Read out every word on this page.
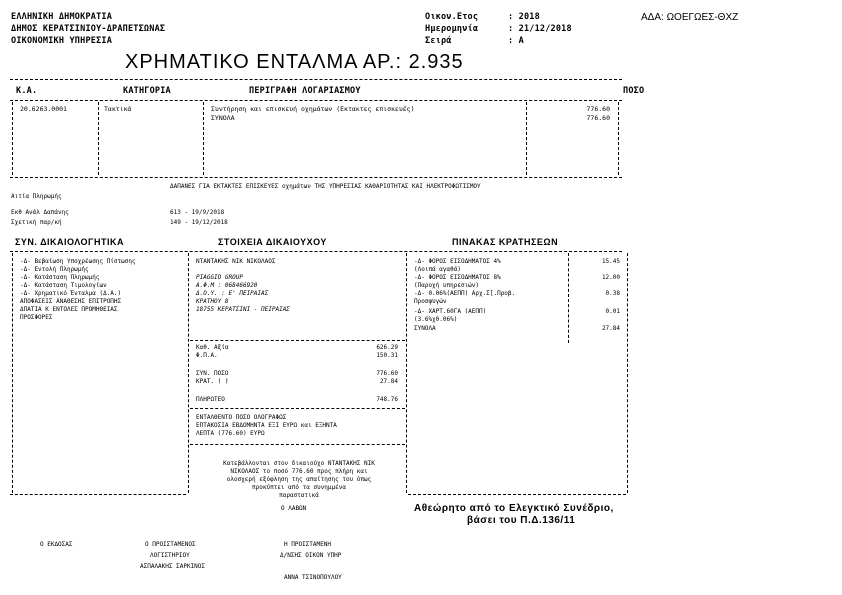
ΕΛΛΗΝΙΚΗ ΔΗΜΟΚΡΑΤΙΑ
ΔΗΜΟΣ ΚΕΡΑΤΣΙΝΙΟΥ-ΔΡΑΠΕΤΣΩΝΑΣ
ΟΙΚΟΝΟΜΙΚΗ ΥΠΗΡΕΣΙΑ
Οικον.Ετος	: 2018
Ημερομηνία	: 21/12/2018
Σειρά	: A
ΑΔΑ: ΩΟΕΓΩΕΣ-ΘΧΖ
ΧΡΗΜΑΤΙΚΟ ΕΝΤΑΛΜΑ ΑΡ.: 2.935
Κ.Α.	ΚΑΤΗΓΟΡΙΑ	ΠΕΡΙΓΡΑΦΗ ΛΟΓΑΡΙΑΣΜΟΥ	ΠΟΣΟ
20.6263.0001	Τακτικά	Συντήρηση και επισκευή οχημάτων (Εκτακτες επισκευές)	776.60
ΣΥΝΟΛΑ	776.60
ΔΑΠΑΝΕΣ ΓΙΑ ΕΚΤΑΚΤΕΣ ΕΠΙΣΚΕΥΕΣ οχημάτων ΤΗΣ ΥΠΗΡΕΣΙΑΣ ΚΑΘΑΡΙΟΤΗΤΑΣ ΚΑΙ ΗΛΕΚΤΡΟΦΩΤΙΣΜΟΥ
Αιτία Πληρωμής
Εκθ Ανάλ Δαπάνης	613 - 19/9/2018
Σχετική παρ/κή	149 - 19/12/2018
ΣΥΝ. ΔΙΚΑΙΟΛΟΓΗΤΙΚΑ	ΣΤΟΙΧΕΙΑ ΔΙΚΑΙΟΥΧΟΥ	ΠΙΝΑΚΑΣ ΚΡΑΤΗΣΕΩΝ
-Δ- Βεβαίωση Υποχρέωσης Πίστωσης
-Δ- Εντολή Πληρωμής
-Δ- Κατάσταση Πληρωμής
-Δ- Κατάσταση Τιμολογίων
-Δ- Χρηματικό Ένταλμα (Δ.Α.)
ΑΠΟΦΑΣΕΙΣ ΑΝΑΘΕΣΗΣ ΕΠΙΤΡΟΠΗΣ
ΔΠΑΤΙΑ Κ ΕΝΤΟΛΕΣ ΠΡΟΜΗΘΕΙΑΣ
ΠΡΟΣΦΟΡΕΣ
ΝΤΑΝΤΑΚΗΣ ΝΙΚ ΝΙΚΟΛΑΟΣ
PIAGGIO GROUP
Α.Φ.Μ : 068466920
Δ.Ο.Υ. : Ε' ΠΕΙΡΑΙΑΣ
ΚΡΑΤΗΟΥ 8
18755 ΚΕΡΑΤΣΙΝΙ - ΠΕΙΡΑΙΑΣ
Καθ. Αξία	626.29
Φ.Π.Α.	150.31
ΣΥΝ. ΠΟΣΟ	776.60
ΚΡΑΤ. ( )	27.84
ΠΛΗΡΩΤΕΟ	748.76
ΕΝΤΑΛΘΕΝΤΟ ΠΟΣΟ ΟΛΟΓΡΑΦΩΣ
ΕΠΤΑΚΟΣΙΑ ΕΒΔΟΜΗΝΤΑ ΕΞΙ ΕΥΡΩ και ΕΞΗΝΤΑ
ΛΕΠΤΑ (776.60) ΕΥΡΩ
Κατεβάλλονται στον δικαιούχο ΝΤΑΝΤΑΚΗΣ ΝΙΚ
ΝΙΚΟΛΑΟΣ το ποσό 776.60 προς πλήρη και
ολοσχερή εξόφληση της απαίτησης του όπως
προκύπτει από τα συνημμένα
παραστατικά
Ο ΛΑΒΩΝ
-Δ- ΦΟΡΟΣ ΕΙΣΟΔΗΜΑΤΟΣ 4%	15.45
(Λοιπά αγαθά)
-Δ- ΦΟΡΟΣ ΕΙΣΟΔΗΜΑΤΟΣ 8%	12.00
(Παροχή υπηρεσιών)
-Δ- 0.06%(ΑΕΠΠ) Αρχ.Σ[.Προβ.	0.38
Προσφυγών
-Δ- ΧΑΡΤ.60ΓΑ (ΑΕΠΠ)	0.01
(3.6%χ0.06%)
ΣΥΝΟΛΑ	27.84
Αθεώρητο από το Ελεγκτικό Συνέδριο,
βάσει του Π.Δ.136/11
Ο ΕΚΔΟΣΑΣ	Ο ΠΡΟΙΣΤΑΜΕΝΟΣ
ΛΟΓΙΣΤΗΡΙΟΥ
ΑΣΠΑΛΑΚΗΣ ΣΑΡΚΙΝΟΣ
Η ΠΡΟΙΣΤΑΜΕΝΗ
Δ/ΝΣΗΣ ΟΙΚΟΝ ΥΠΗΡ
ΑΝΝΑ ΤΣΙΝΟΠΟΥΛΟΥ
